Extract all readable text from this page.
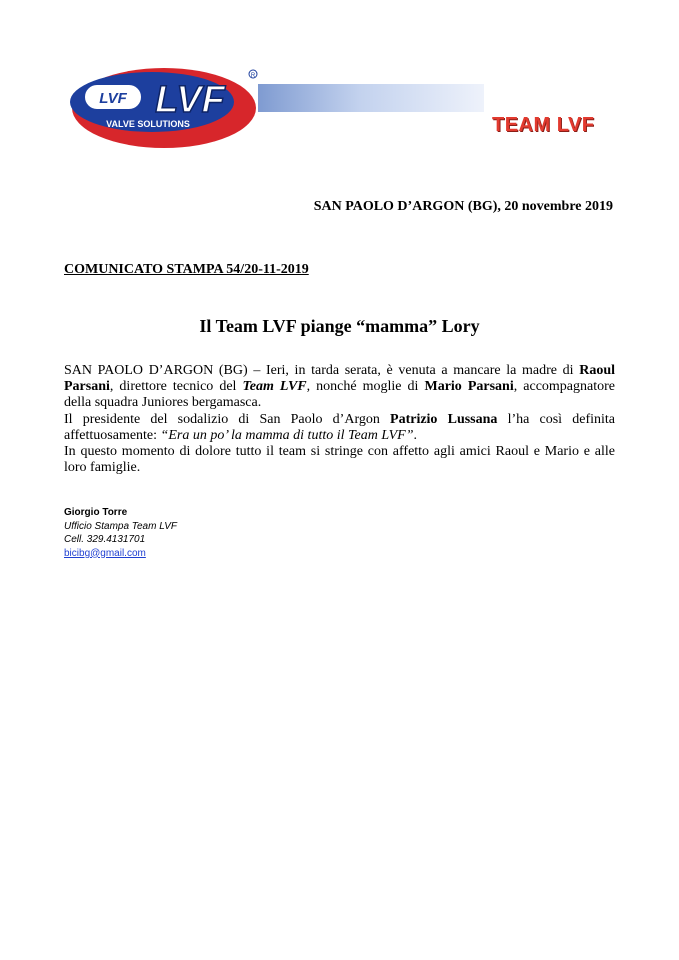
LVF LVF
VALVE SOLUTIONS
R
TEAM LVF
SAN PAOLO D’ARGON (BG), 20 novembre 2019
COMUNICATO STAMPA 54/20-11-2019
Il Team LVF piange “mamma” Lory

SAN PAOLO D’ARGON (BG) – Ieri, in tarda serata, è venuta a mancare la madre di Raoul Parsani, direttore tecnico del Team LVF, nonché moglie di Mario Parsani, accompagnatore della squadra Juniores bergamasca.

Il presidente del sodalizio di San Paolo d’Argon Patrizio Lussana l’ha così definita affettuosamente: “Era un po’ la mamma di tutto il Team LVF”.

In questo momento di dolore tutto il team si stringe con affetto agli amici Raoul e Mario e alle loro famiglie.

Giorgio Torre
Ufficio Stampa Team LVF
Cell. 329.4131701
bicibg@gmail.com
